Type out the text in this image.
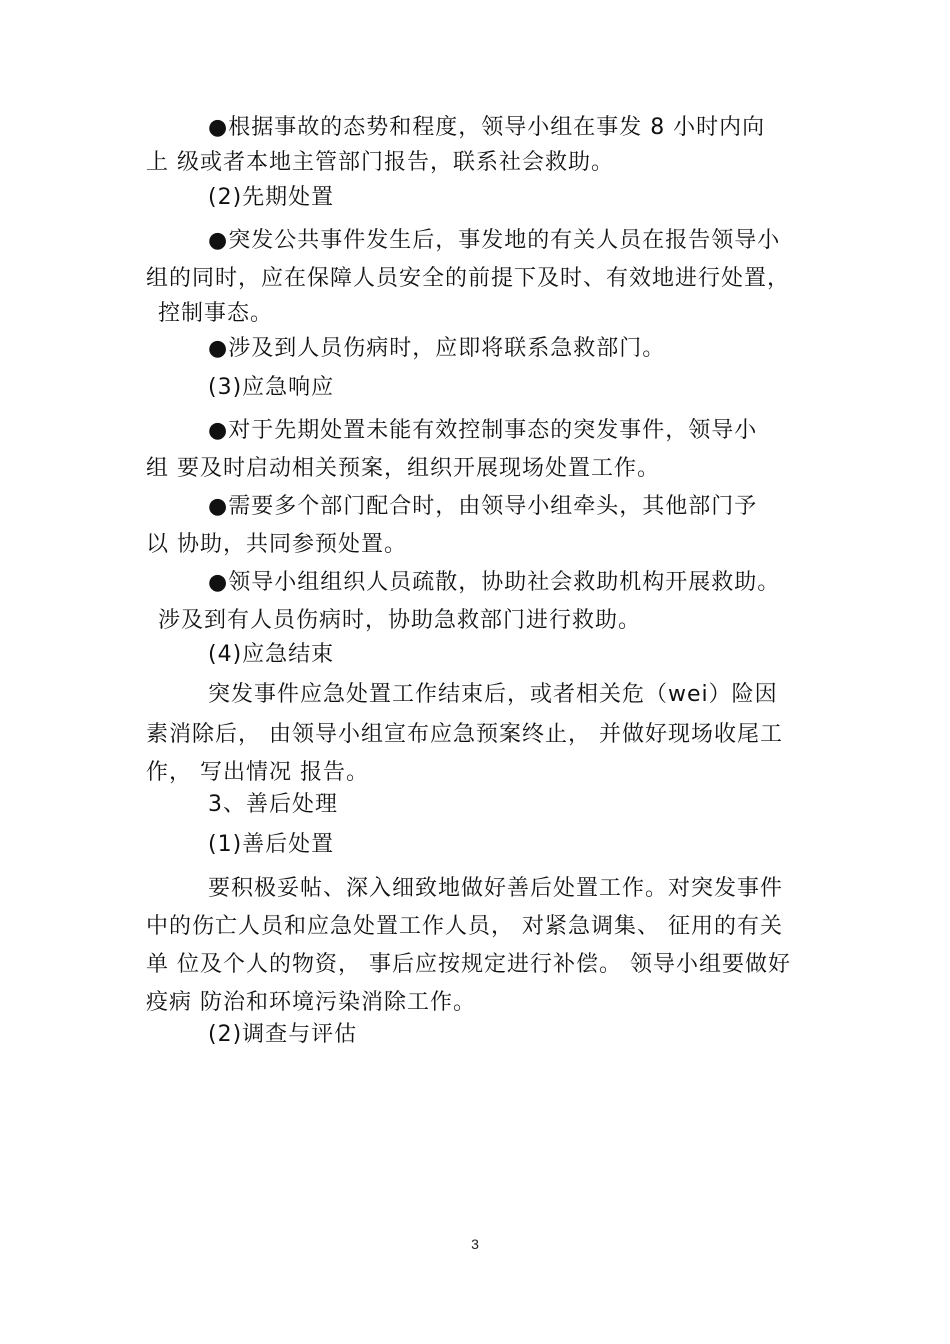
●根据事故的态势和程度，领导小组在事发 8 小时内向
上 级或者本地主管部门报告，联系社会救助。
(2)先期处置
●突发公共事件发生后，事发地的有关人员在报告领导小
组的同时，应在保障人员安全的前提下及时、有效地进行处置，
控制事态。
●涉及到人员伤病时，应即将联系急救部门。
(3)应急响应
●对于先期处置未能有效控制事态的突发事件，领导小
组 要及时启动相关预案，组织开展现场处置工作。
●需要多个部门配合时，由领导小组牵头，其他部门予
以 协助，共同参预处置。
●领导小组组织人员疏散，协助社会救助机构开展救助。
涉及到有人员伤病时，协助急救部门进行救助。
(4)应急结束
突发事件应急处置工作结束后，或者相关危（wei）险因
素消除后， 由领导小组宣布应急预案终止， 并做好现场收尾工
作， 写出情况 报告。
3、善后处理
(1)善后处置
要积极妥帖、深入细致地做好善后处置工作。对突发事件
中的伤亡人员和应急处置工作人员， 对紧急调集、 征用的有关
单 位及个人的物资， 事后应按规定进行补偿。 领导小组要做好
疫病 防治和环境污染消除工作。
(2)调查与评估
3
